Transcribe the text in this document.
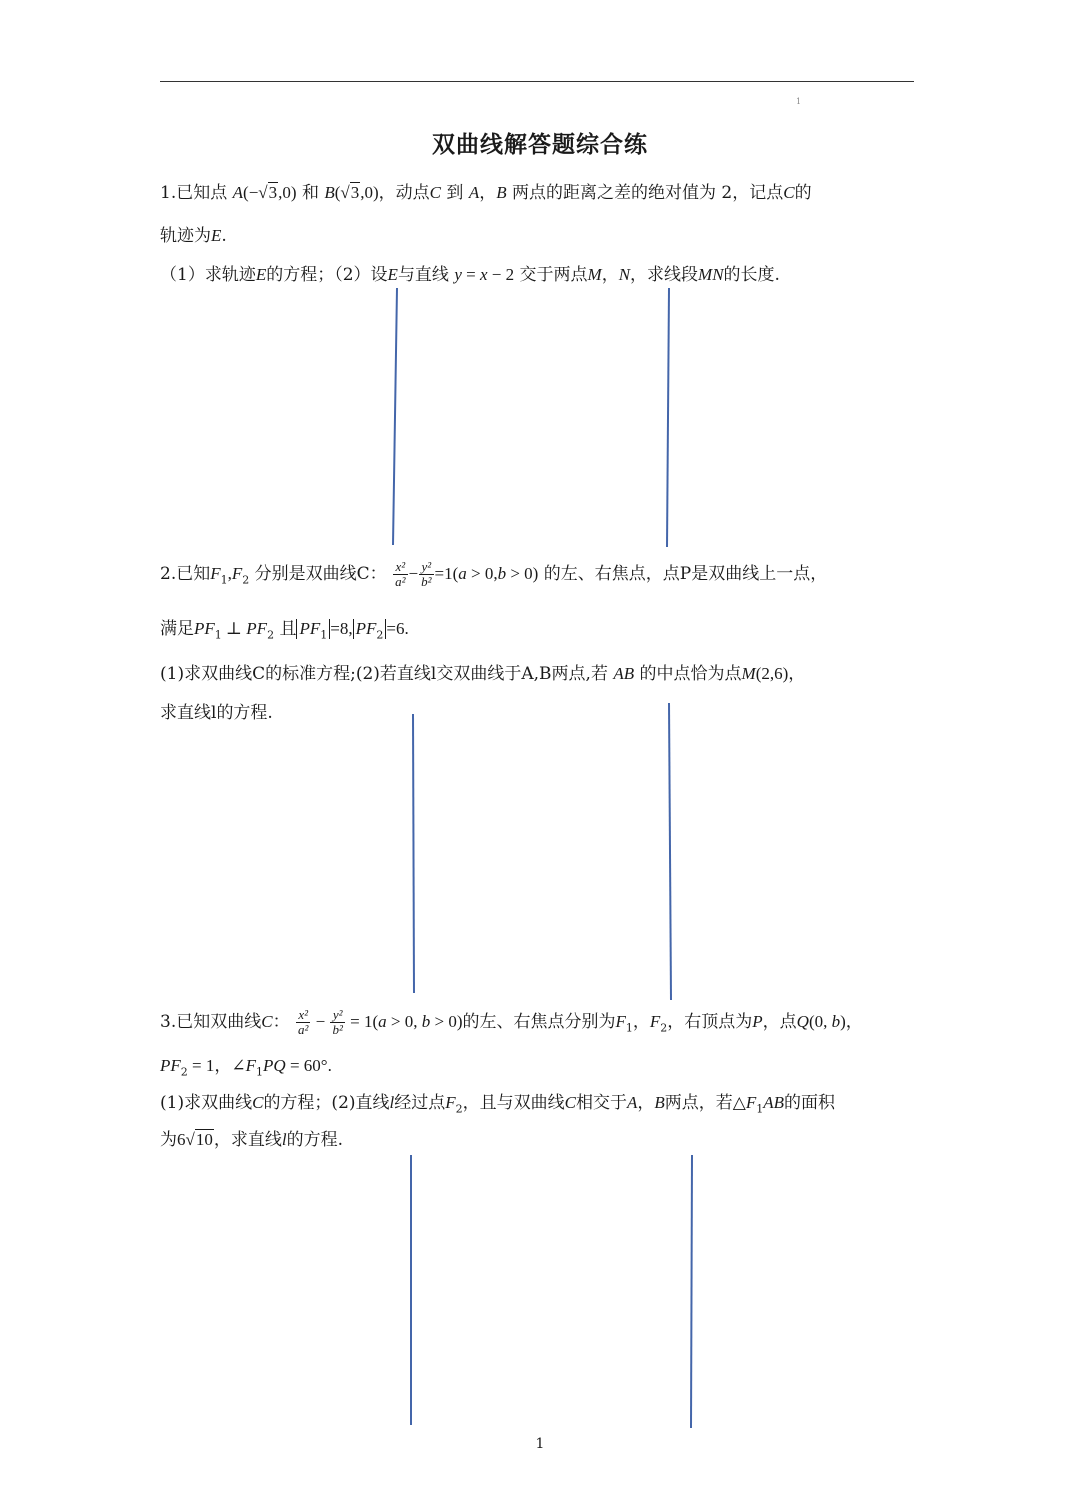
1
双曲线解答题综合练
1.已知点 A(−√3,0) 和 B(√3,0)，动点C 到 A，B 两点的距离之差的绝对值为 2，记点C的
轨迹为E.
（1）求轨迹E的方程；（2）设E与直线 y = x − 2 交于两点M，N，求线段MN的长度.
2.已知$F_1,F_2$ 分别是双曲线C： $\frac{\text{x²}}{\text{a²}} - \frac{\text{y²}}{\text{b²}} =1(a > 0,b > 0)$ 的左、右焦点，点P是双曲线上一点，
满足$PF_1$ ⊥ $PF_2$ 且 $PF_1 =8$, $PF_2 =6$.
(1)求双曲线C的标准方程;(2)若直线l交双曲线于A,B两点,若 AB 的中点恰为点M(2,6)，
求直线l的方程.
3.已知双曲线C： $\frac{\text{x²}}{\text{a²}} - \frac{\text{y²}}{\text{b²}} = 1(a > 0$, b > 0)的左、右焦点分别为$F_1$，$F_2$，右顶点为P，点Q(0, b)，
$PF_2 = 1$，$\angle F_1PQ = 60^\circ$.
(1)求双曲线C的方程；(2)直线l经过点$F_2$，且与双曲线C相交于A，B两点，若$\triangle F_1AB$的面积
为6√10，求直线l的方程.
1
